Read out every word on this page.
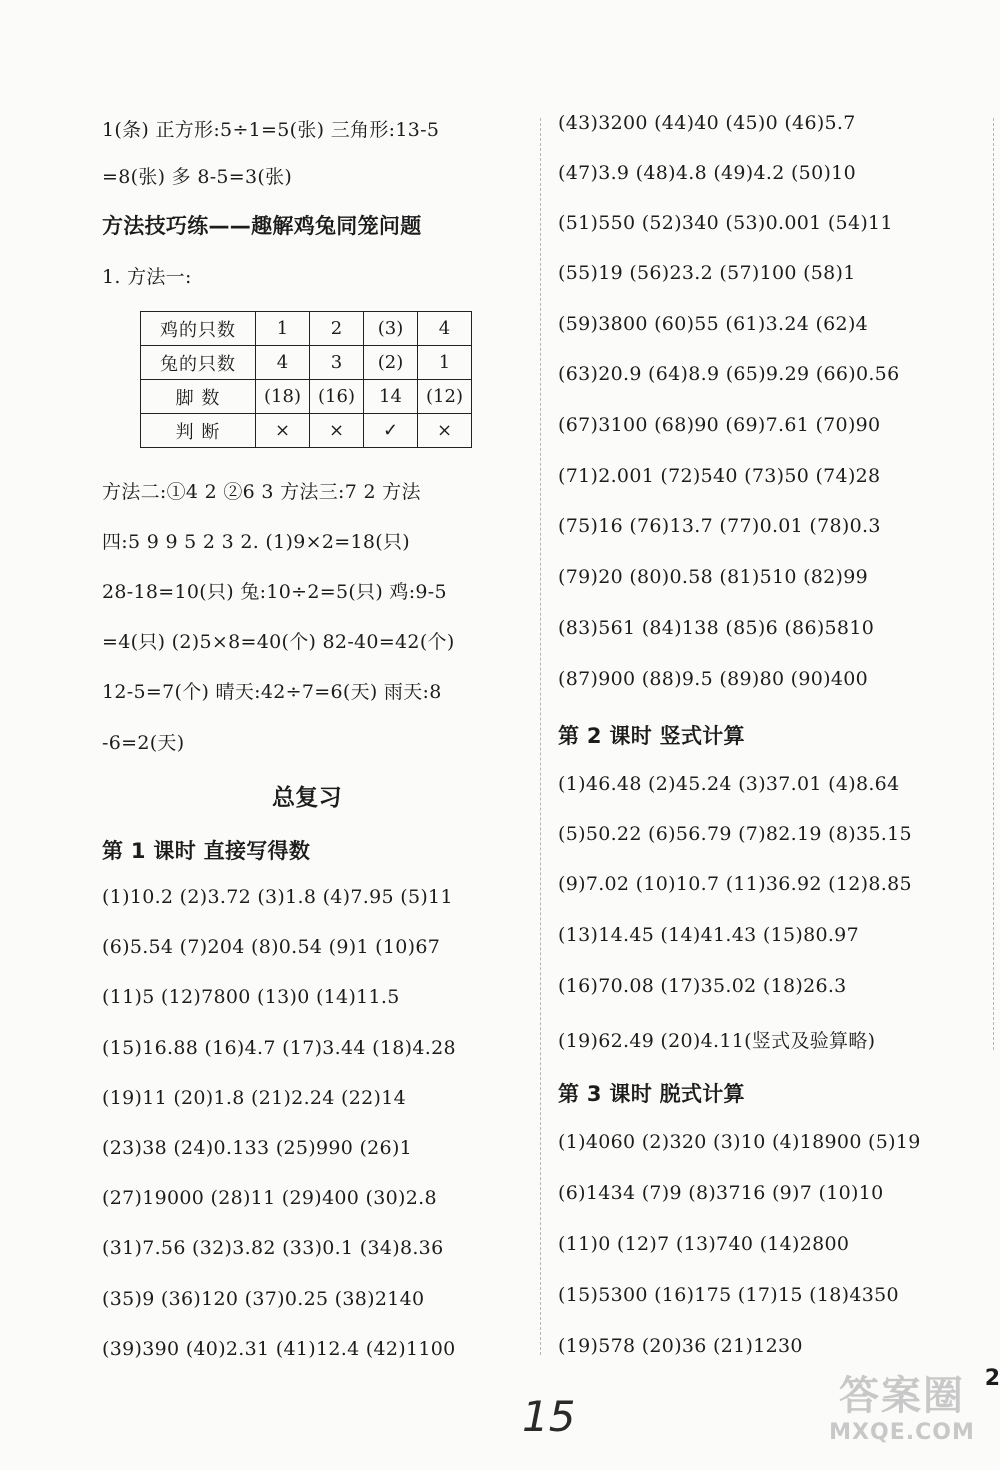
1(条) 正方形:5÷1=5(张) 三角形:13-5
=8(张) 多 8-5=3(张)
方法技巧练——趣解鸡兔同笼问题
1. 方法一:
鸡的只数	1	2	(3)	4
兔的只数	4	3	(2)	1
脚 数	(18)	(16)	14	(12)
判 断	×	×	✓	×
方法二:①4 2 ②6 3 方法三:7 2 方法
四:5 9 9 5 2 3 2. (1)9×2=18(只)
28-18=10(只) 兔:10÷2=5(只) 鸡:9-5
=4(只) (2)5×8=40(个) 82-40=42(个)
12-5=7(个) 晴天:42÷7=6(天) 雨天:8
-6=2(天)
总复习
第 1 课时 直接写得数
(1)10.2 (2)3.72 (3)1.8 (4)7.95 (5)11
(6)5.54 (7)204 (8)0.54 (9)1 (10)67
(11)5 (12)7800 (13)0 (14)11.5
(15)16.88 (16)4.7 (17)3.44 (18)4.28
(19)11 (20)1.8 (21)2.24 (22)14
(23)38 (24)0.133 (25)990 (26)1
(27)19000 (28)11 (29)400 (30)2.8
(31)7.56 (32)3.82 (33)0.1 (34)8.36
(35)9 (36)120 (37)0.25 (38)2140
(39)390 (40)2.31 (41)12.4 (42)1100
(43)3200 (44)40 (45)0 (46)5.7
(47)3.9 (48)4.8 (49)4.2 (50)10
(51)550 (52)340 (53)0.001 (54)11
(55)19 (56)23.2 (57)100 (58)1
(59)3800 (60)55 (61)3.24 (62)4
(63)20.9 (64)8.9 (65)9.29 (66)0.56
(67)3100 (68)90 (69)7.61 (70)90
(71)2.001 (72)540 (73)50 (74)28
(75)16 (76)13.7 (77)0.01 (78)0.3
(79)20 (80)0.58 (81)510 (82)99
(83)561 (84)138 (85)6 (86)5810
(87)900 (88)9.5 (89)80 (90)400
第 2 课时 竖式计算
(1)46.48 (2)45.24 (3)37.01 (4)8.64
(5)50.22 (6)56.79 (7)82.19 (8)35.15
(9)7.02 (10)10.7 (11)36.92 (12)8.85
(13)14.45 (14)41.43 (15)80.97
(16)70.08 (17)35.02 (18)26.3
(19)62.49 (20)4.11(竖式及验算略)
第 3 课时 脱式计算
(1)4060 (2)320 (3)10 (4)18900 (5)19
(6)1434 (7)9 (8)3716 (9)7 (10)10
(11)0 (12)7 (13)740 (14)2800
(15)5300 (16)175 (17)15 (18)4350
(19)578 (20)36 (21)1230
15
2
答案圈
MXQE.COM
